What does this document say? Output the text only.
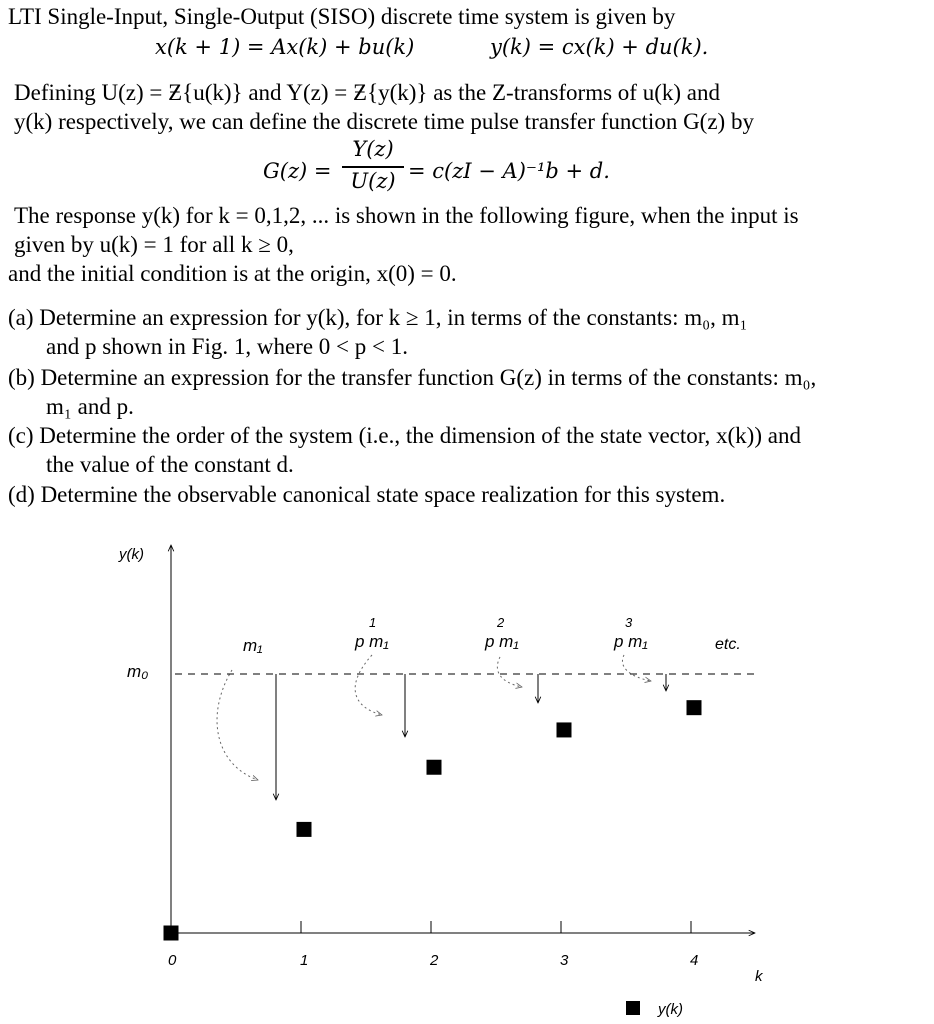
LTI Single-Input, Single-Output (SISO) discrete time system is given by
x(k + 1) = Ax(k) + bu(k)	y(k) = cx(k) + du(k).
Defining U(z) = Ƶ{u(k)} and Y(z) = Ƶ{y(k)} as the Z-transforms of u(k) and
y(k) respectively, we can define the discrete time pulse transfer function G(z) by
G(z) =
Y(z)
U(z) = c(zI − A)⁻¹b + d.
The response y(k) for k = 0,1,2, ... is shown in the following figure, when the input is
given by u(k) = 1 for all k ≥ 0,
and the initial condition is at the origin, x(0) = 0.
(a) Determine an expression for y(k), for k ≥ 1, in terms of the constants: m₀, m₁
and p shown in Fig. 1, where 0 < p < 1.
(b) Determine an expression for the transfer function G(z) in terms of the constants: m₀,
m₁ and p.
(c) Determine the order of the system (i.e., the dimension of the state vector, x(k)) and
the value of the constant d.
(d) Determine the observable canonical state space realization for this system.
y(k)
k
m₀
0	1	2	3	4
m₁
1
p m₁
2
p m₁
3
p m₁	etc.
y(k)
